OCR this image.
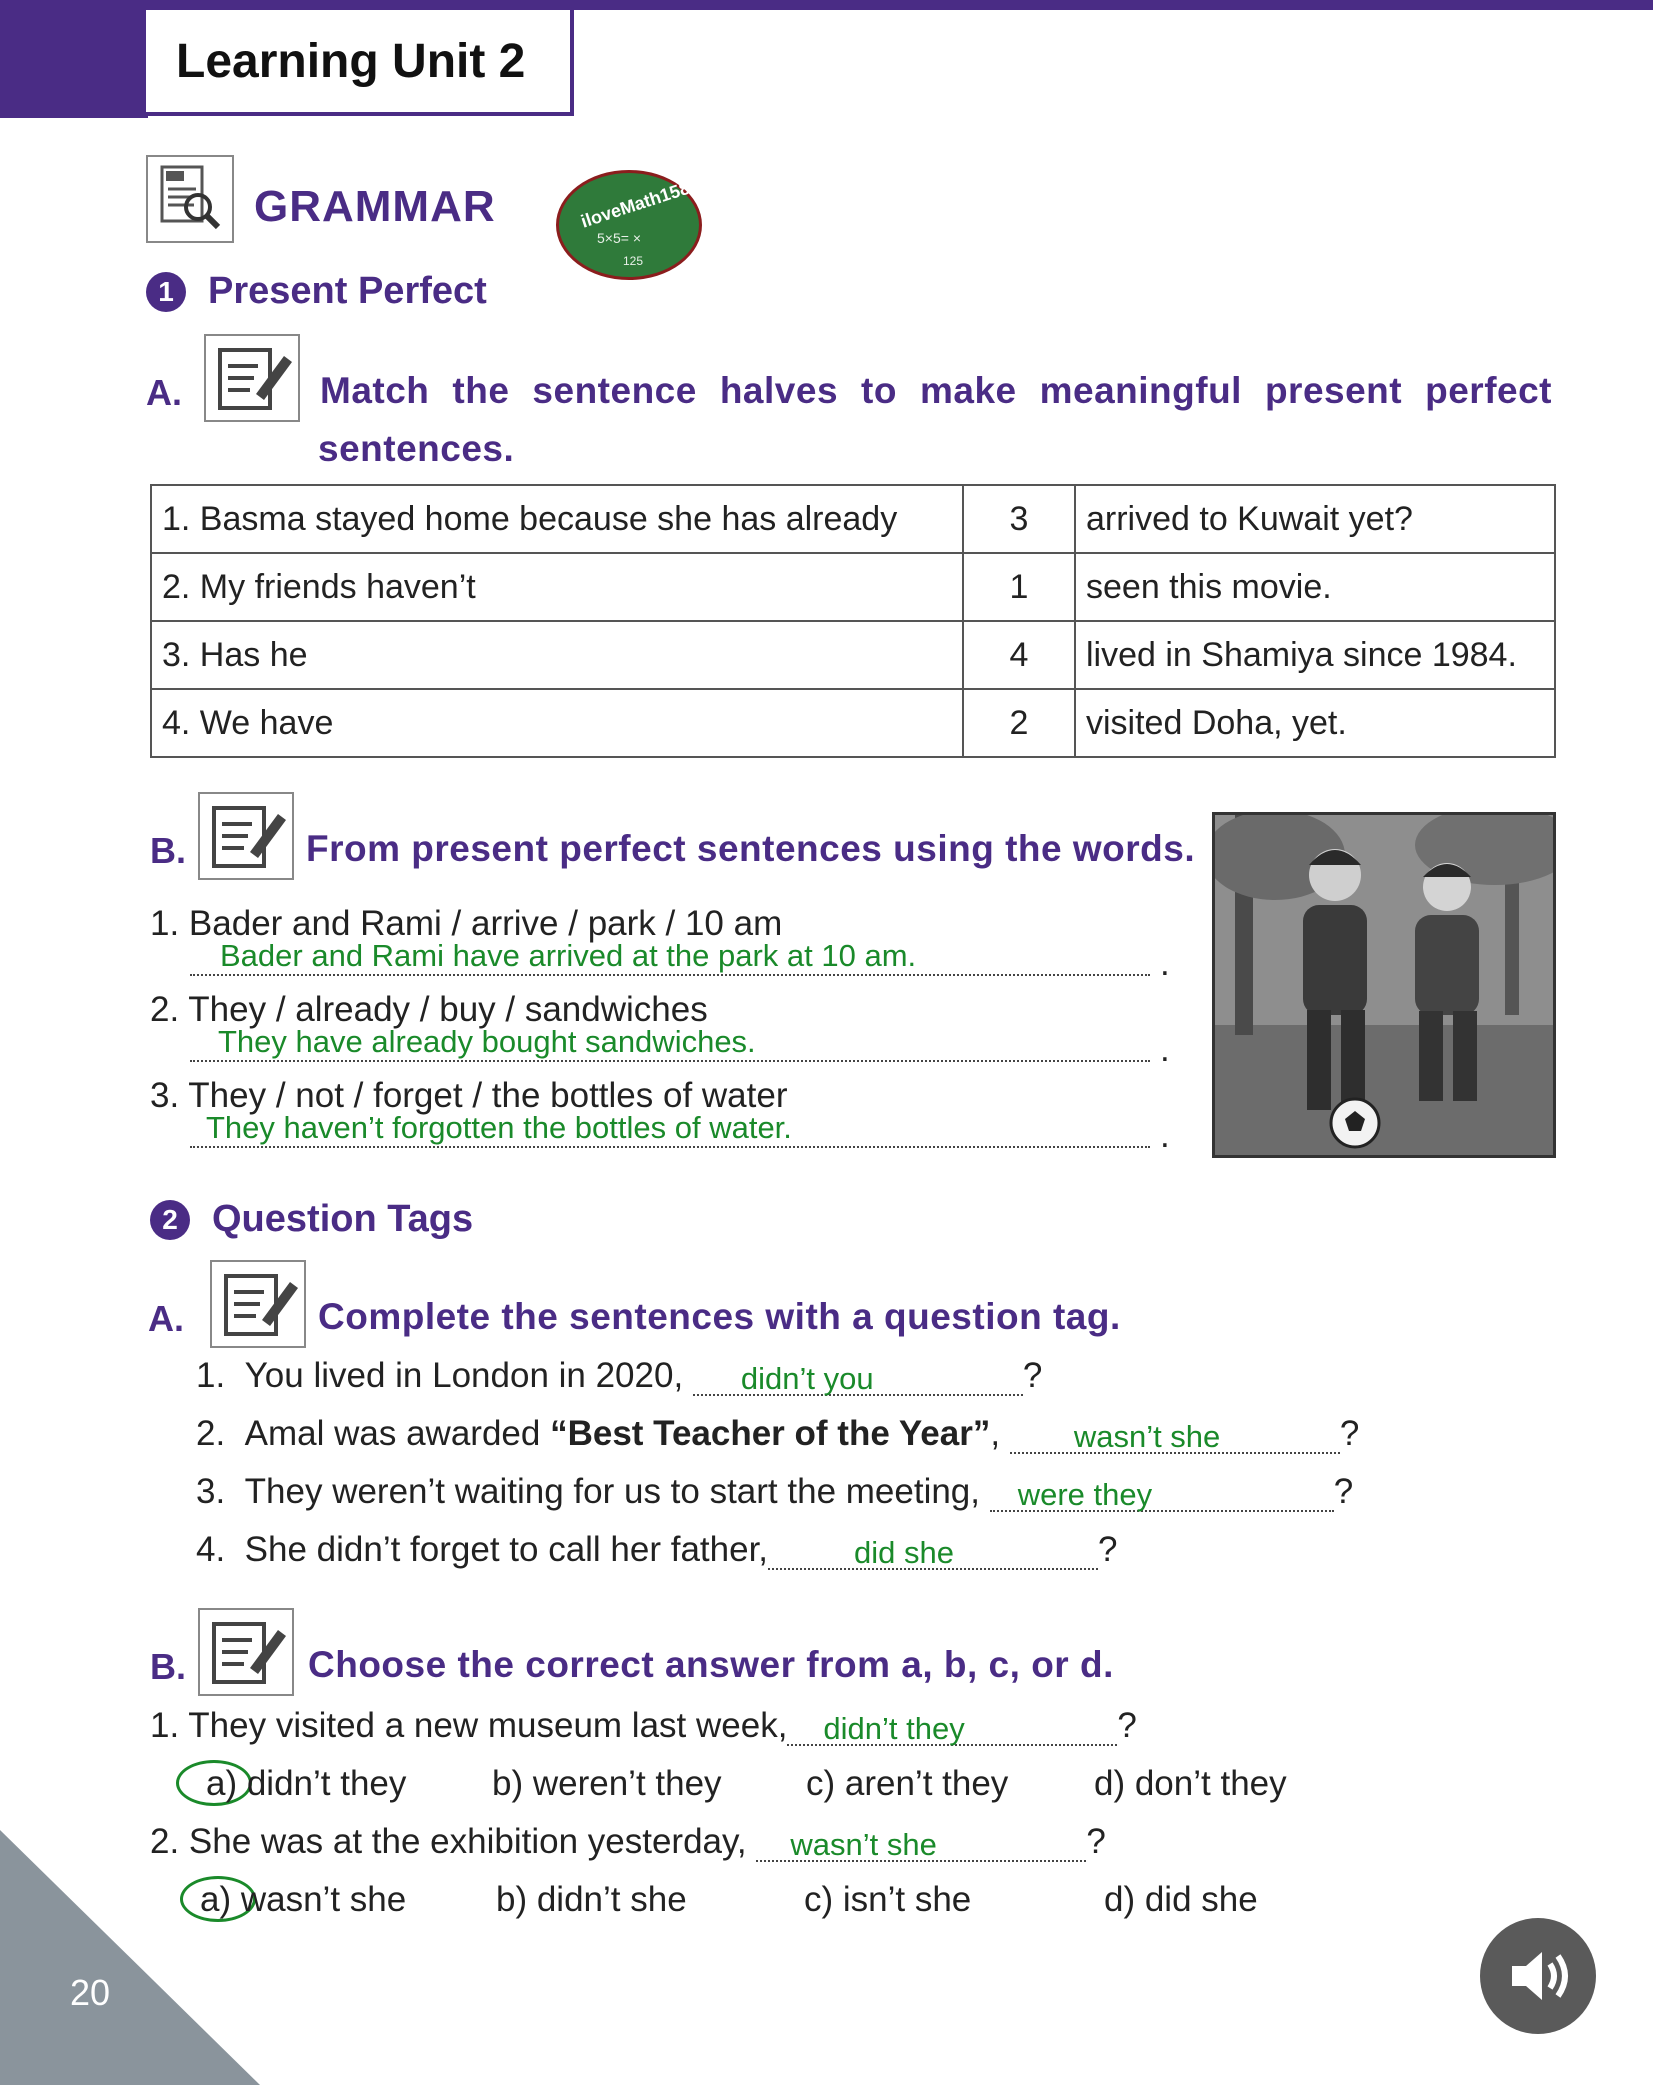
Learning Unit 2
GRAMMAR	iloveMath158
5×5= ×
125
1 Present Perfect
A.	Match the sentence halves to make meaningful present perfect
sentences.
1. Basma stayed home because she has already	3	arrived to Kuwait yet?
2. My friends haven’t	1	seen this movie.
3. Has he	4	lived in Shamiya since 1984.
4. We have	2	visited Doha, yet.
B.	From present perfect sentences using the words.
1. Bader and Rami / arrive / park / 10 am
Bader and Rami have arrived at the park at 10 am.	.
2. They / already / buy / sandwiches
They have already bought sandwiches.	.
3. They / not / forget / the bottles of water
They haven’t forgotten the bottles of water.	.
2 Question Tags
A.	Complete the sentences with a question tag.
1. You lived in London in 2020, didn’t you	?
2. Amal was awarded “Best Teacher of the Year”, wasn’t she	?
3. They weren’t waiting for us to start the meeting, were they	?
4. She didn’t forget to call her father,	did she	?
B.	Choose the correct answer from a, b, c, or d.
1. They visited a new museum last week, didn’t they	?
a) didn’t they b) weren’t they c) aren’t they d) don’t they
2. She was at the exhibition yesterday, wasn’t she	?
a) wasn’t she	b) didn’t she	c) isn’t she	d) did she
20
